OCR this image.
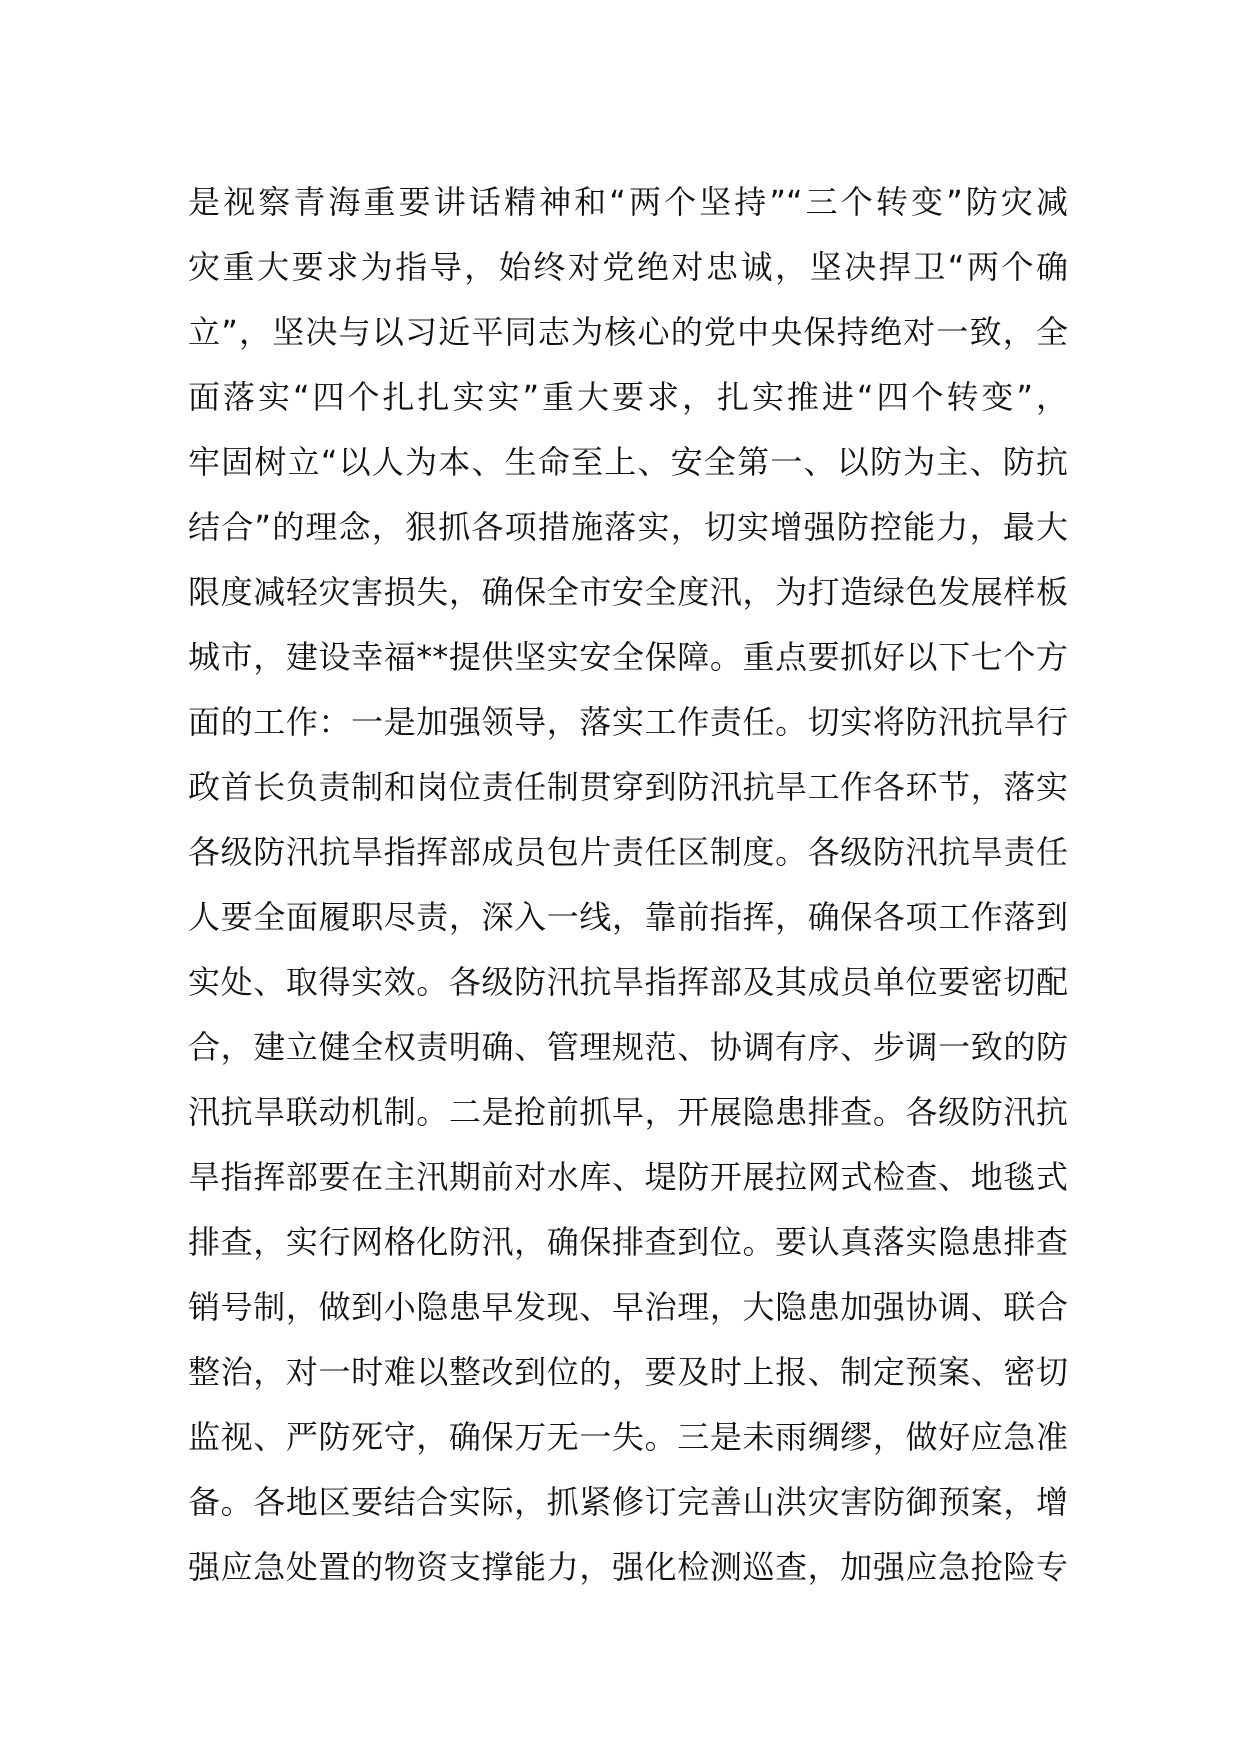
是视察青海重要讲话精神和“两个坚持”“三个转变”防灾减
灾重大要求为指导，始终对党绝对忠诚，坚决捍卫“两个确
立”，坚决与以习近平同志为核心的党中央保持绝对一致，全
面落实“四个扎扎实实”重大要求，扎实推进“四个转变”，
牢固树立“以人为本、生命至上、安全第一、以防为主、防抗
结合”的理念，狠抓各项措施落实，切实增强防控能力，最大
限度减轻灾害损失，确保全市安全度汛，为打造绿色发展样板
城市，建设幸福**提供坚实安全保障。重点要抓好以下七个方
面的工作：一是加强领导，落实工作责任。切实将防汛抗旱行
政首长负责制和岗位责任制贯穿到防汛抗旱工作各环节，落实
各级防汛抗旱指挥部成员包片责任区制度。各级防汛抗旱责任
人要全面履职尽责，深入一线，靠前指挥，确保各项工作落到
实处、取得实效。各级防汛抗旱指挥部及其成员单位要密切配
合，建立健全权责明确、管理规范、协调有序、步调一致的防
汛抗旱联动机制。二是抢前抓早，开展隐患排查。各级防汛抗
旱指挥部要在主汛期前对水库、堤防开展拉网式检查、地毯式
排查，实行网格化防汛，确保排查到位。要认真落实隐患排查
销号制，做到小隐患早发现、早治理，大隐患加强协调、联合
整治，对一时难以整改到位的，要及时上报、制定预案、密切
监视、严防死守，确保万无一失。三是未雨绸缪，做好应急准
备。各地区要结合实际，抓紧修订完善山洪灾害防御预案，增
强应急处置的物资支撑能力，强化检测巡查，加强应急抢险专
